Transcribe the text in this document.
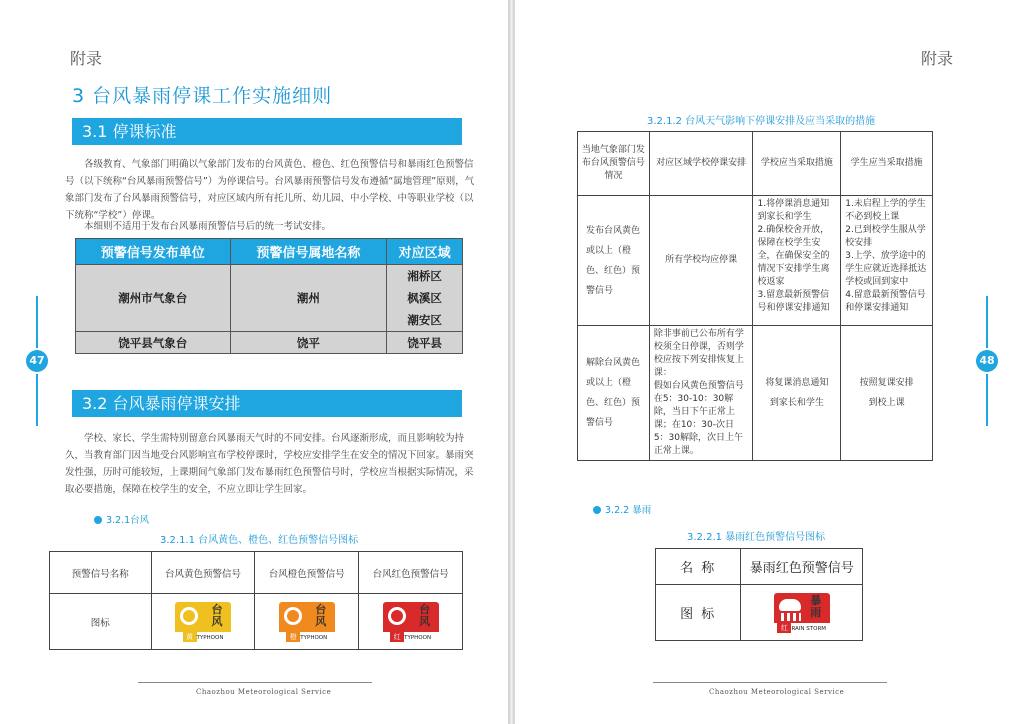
附录
3 台风暴雨停课工作实施细则
3.1 停课标准
各级教育、气象部门明确以气象部门发布的台风黄色、橙色、红色预警信号和暴雨红色预警信号（以下统称“台风暴雨预警信号”）为停课信号。台风暴雨预警信号发布遵循“属地管理”原则，气象部门发布了台风暴雨预警信号，对应区域内所有托儿所、幼儿园、中小学校、中等职业学校（以下统称“学校”）停课。
本细则不适用于发布台风暴雨预警信号后的统一考试安排。
预警信号发布单位	预警信号属地名称	对应区域
潮州市气象台	潮州	湘桥区
枫溪区
潮安区

饶平县气象台	饶平	饶平县
47
3.2 台风暴雨停课安排
学校、家长、学生需特别留意台风暴雨天气时的不同安排。台风逐渐形成，而且影响较为持久，当教育部门因当地受台风影响宣布学校停课时，学校应安排学生在安全的情况下回家。暴雨突发性强，历时可能较短，上课期间气象部门发布暴雨红色预警信号时，学校应当根据实际情况，采取必要措施，保障在校学生的安全，不应立即让学生回家。
3.2.1台风
3.2.1.1 台风黄色、橙色、红色预警信号图标
预警信号名称	台风黄色预警信号	台风橙色预警信号	台风红色预警信号
图标	台
风
黄 TYPHOON	台
风
橙 TYPHOON	台
风
红 TYPHOON
Chaozhou Meteorological Service
附录
3.2.1.2 台风天气影响下停课安排及应当采取的措施
当地气象部门发布台风预警信号情况	对应区域学校停课安排	学校应当采取措施	学生应当采取措施
发布台风黄色或以上（橙色、红色）预警信号	所有学校均应停课	1.将停课消息通知到家长和学生
2.确保校舍开放，保障在校学生安全，在确保安全的情况下安排学生离校返家
3.留意最新预警信号和停课安排通知	1.未启程上学的学生不必到校上课
2.已到校学生服从学校安排
3.上学、放学途中的学生应就近选择抵达学校或回到家中
4.留意最新预警信号和停课安排通知
解除台风黄色或以上（橙色、红色）预警信号	除非事前已公布所有学校须全日停课，否则学校应按下列安排恢复上课：
假如台风黄色预警信号在5：30-10：30解除，当日下午正常上课；在10：30-次日5：30解除，次日上午正常上课。	将复课消息通知到家长和学生	按照复课安排到校上课
48
3.2.2 暴雨
3.2.2.1 暴雨红色预警信号图标
名 称	暴雨红色预警信号
图 标	暴
雨
红 RAIN STORM
Chaozhou Meteorological Service
